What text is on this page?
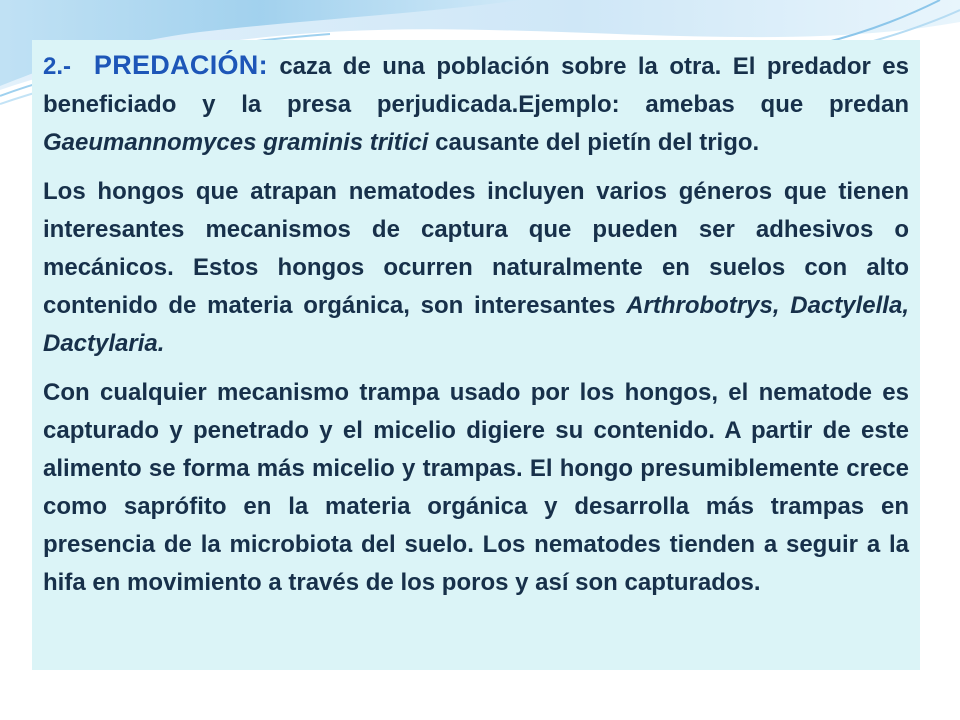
2.- PREDACIÓN: caza de una población sobre la otra. El predador es beneficiado y la presa perjudicada.Ejemplo: amebas que predan Gaeumannomyces graminis tritici causante del pietín del trigo.

Los hongos que atrapan nematodes incluyen varios géneros que tienen interesantes mecanismos de captura que pueden ser adhesivos o mecánicos. Estos hongos ocurren naturalmente en suelos con alto contenido de materia orgánica, son interesantes Arthrobotrys, Dactylella, Dactylaria.

Con cualquier mecanismo trampa usado por los hongos, el nematode es capturado y penetrado y el micelio digiere su contenido. A partir de este alimento se forma más micelio y trampas. El hongo presumiblemente crece como saprófito en la materia orgánica y desarrolla más trampas en presencia de la microbiota del suelo. Los nematodes tienden a seguir a la hifa en movimiento a través de los poros y así son capturados.
